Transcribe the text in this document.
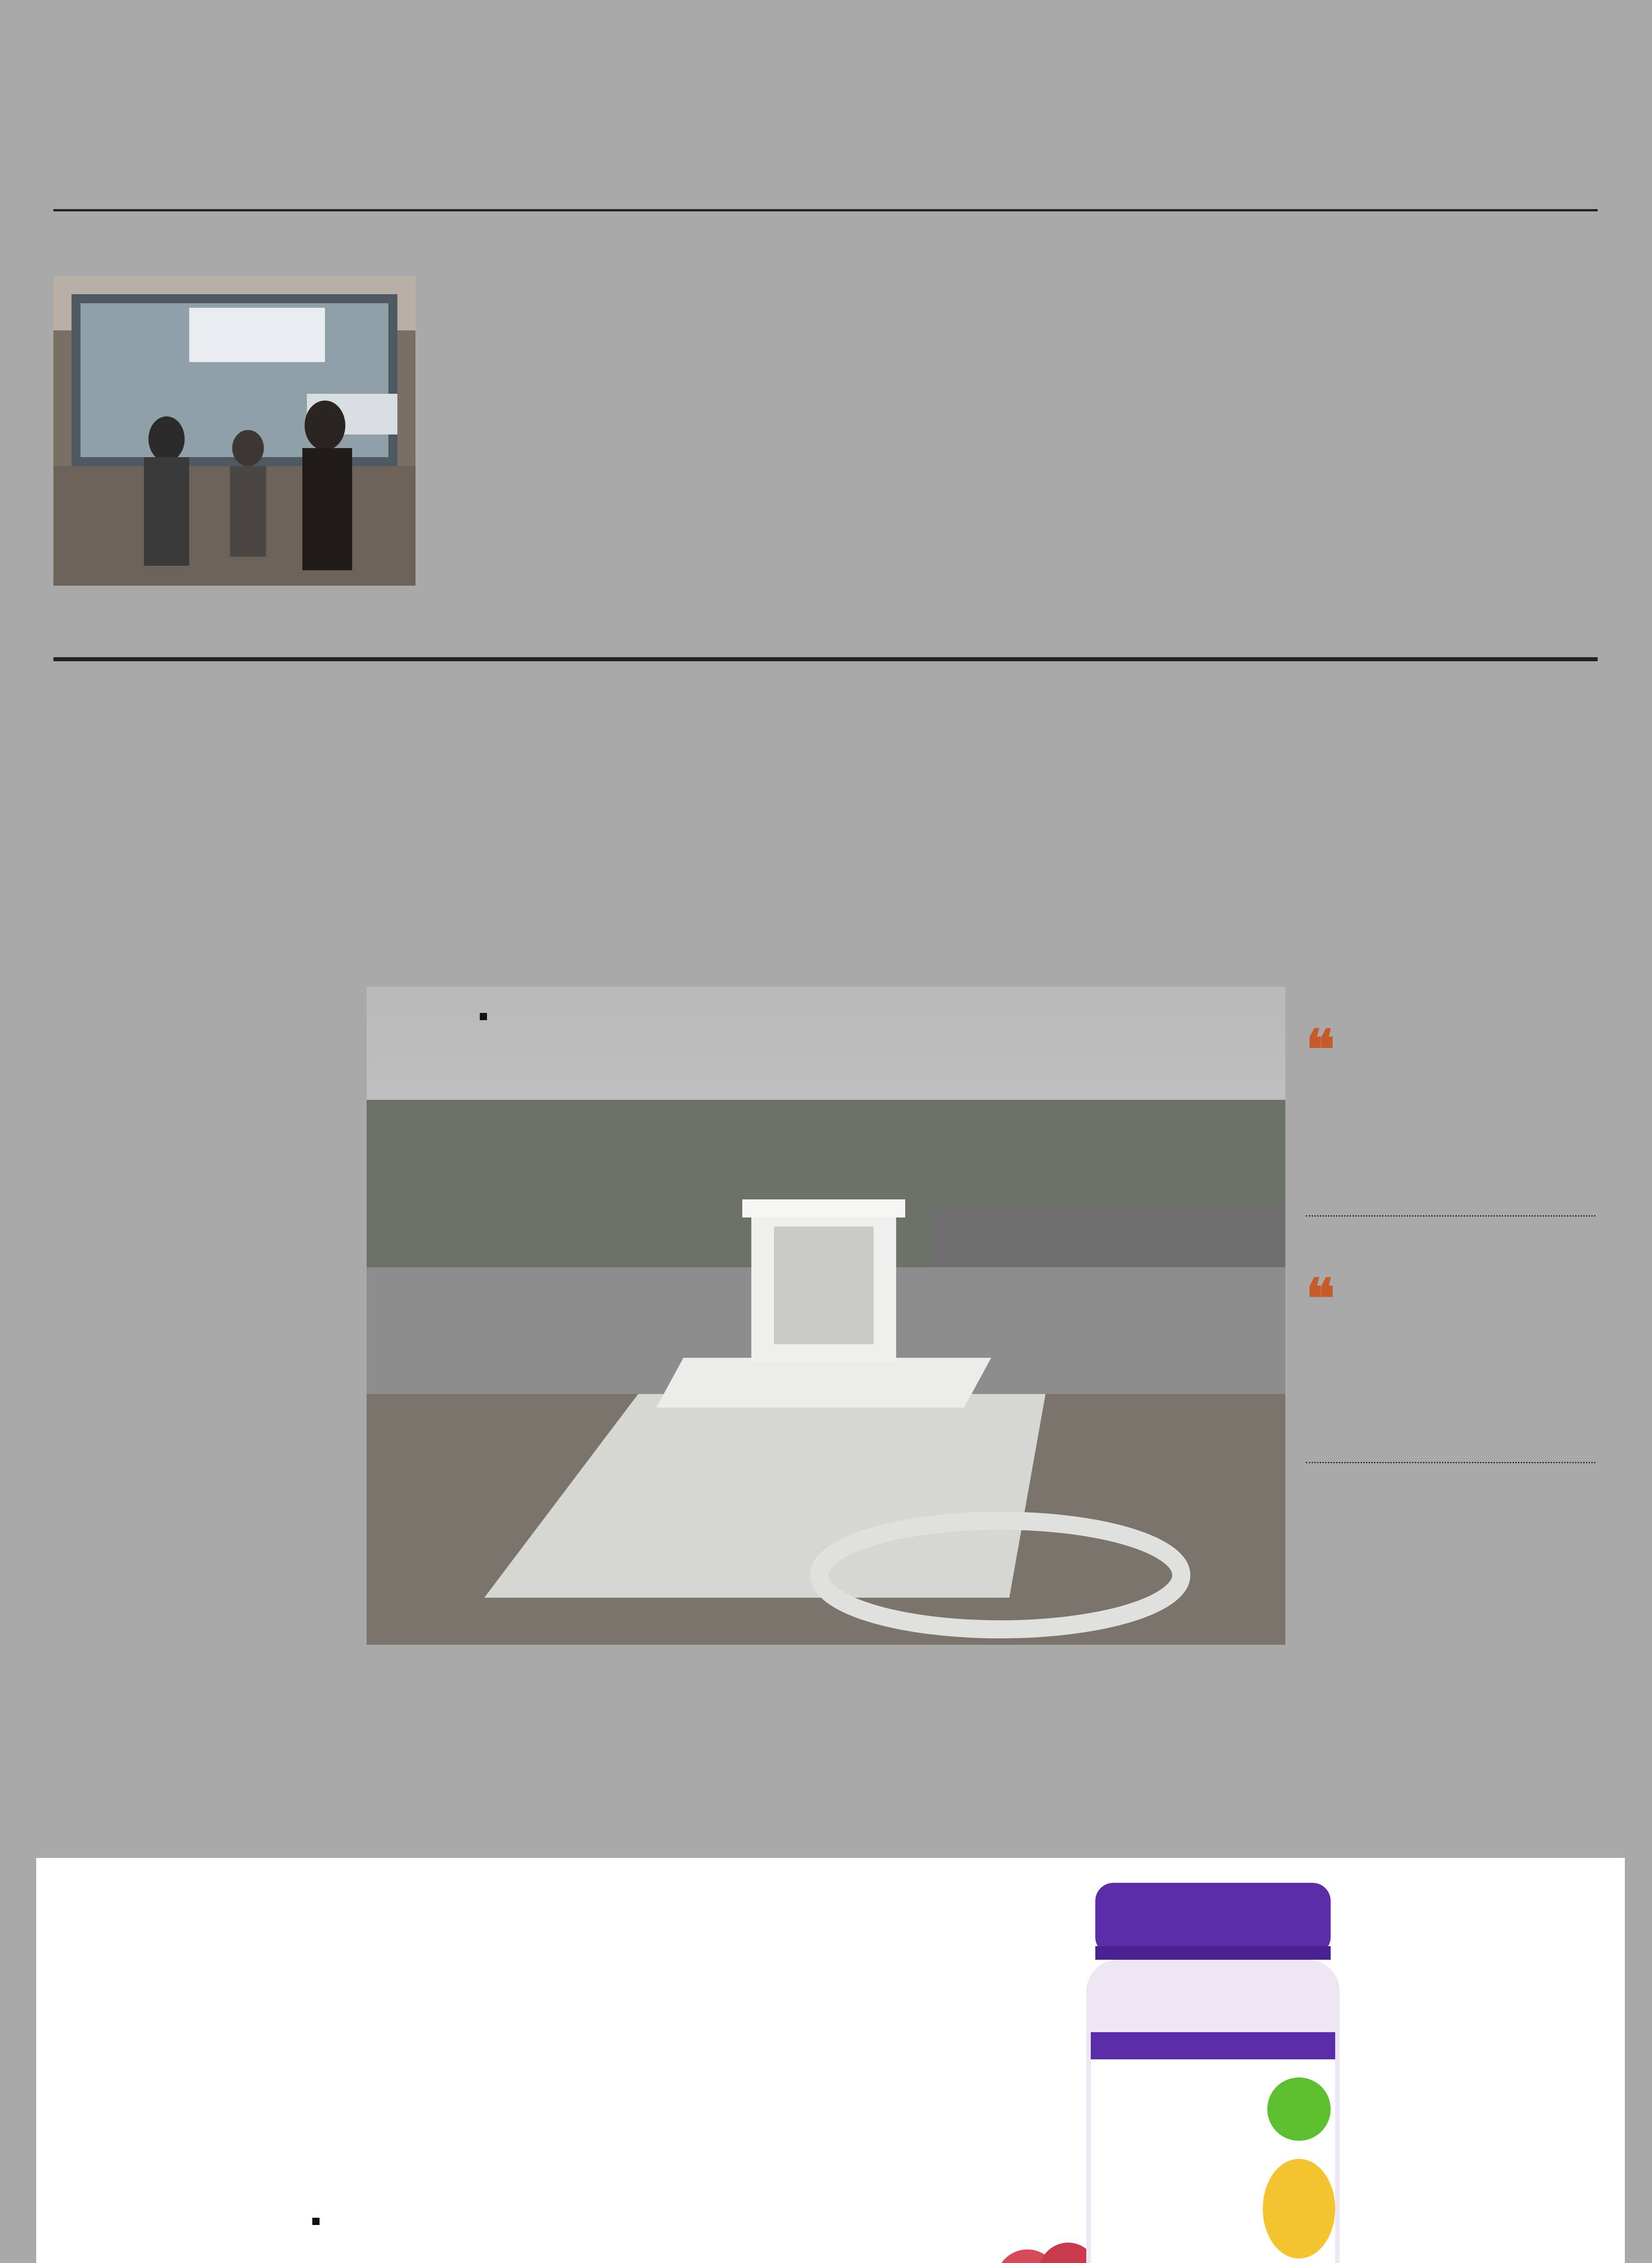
❝
❝
